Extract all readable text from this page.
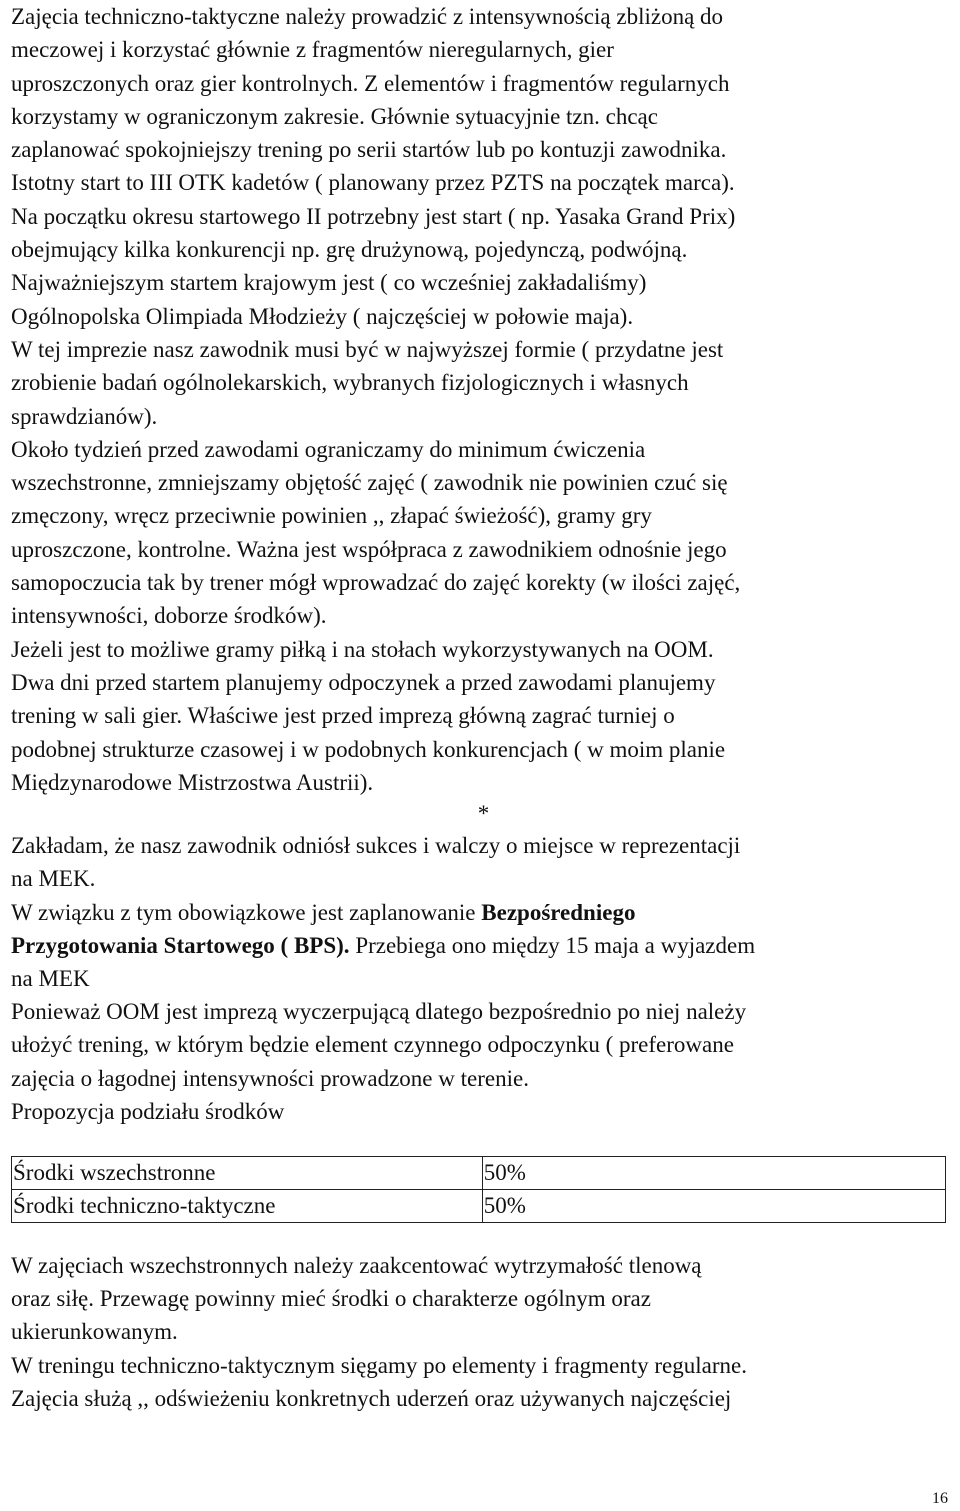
Zajęcia techniczno-taktyczne należy prowadzić z intensywnością zbliżoną do
meczowej i korzystać głównie z fragmentów nieregularnych, gier
uproszczonych oraz gier kontrolnych. Z elementów i fragmentów regularnych
korzystamy w ograniczonym zakresie. Głównie sytuacyjnie tzn. chcąc
zaplanować spokojniejszy trening po serii startów lub po kontuzji zawodnika.
Istotny start to III OTK kadetów ( planowany przez PZTS na początek marca).
Na początku okresu startowego II potrzebny jest start ( np. Yasaka Grand Prix)
obejmujący kilka konkurencji np. grę drużynową, pojedynczą, podwójną.
Najważniejszym startem krajowym jest ( co wcześniej zakładaliśmy)
Ogólnopolska Olimpiada Młodzieży ( najczęściej w połowie maja).
W tej imprezie nasz zawodnik musi być w najwyższej formie ( przydatne jest
zrobienie badań ogólnolekarskich, wybranych fizjologicznych i własnych
sprawdzianów).
Około tydzień przed zawodami ograniczamy do minimum ćwiczenia
wszechstronne, zmniejszamy objętość zajęć ( zawodnik nie powinien czuć się
zmęczony, wręcz przeciwnie powinien ,, złapać świeżość), gramy gry
uproszczone, kontrolne. Ważna jest współpraca z zawodnikiem odnośnie jego
samopoczucia tak by trener mógł wprowadzać do zajęć korekty (w ilości zajęć,
intensywności, doborze środków).
Jeżeli jest to możliwe gramy piłką i na stołach wykorzystywanych na OOM.
Dwa dni przed startem planujemy odpoczynek a przed zawodami planujemy
trening w sali gier. Właściwe jest przed imprezą główną zagrać turniej o
podobnej strukturze czasowej i w podobnych konkurencjach ( w moim planie
Międzynarodowe Mistrzostwa Austrii).
*
Zakładam, że nasz zawodnik odniósł sukces i walczy o miejsce w reprezentacji
na MEK.
W związku z tym obowiązkowe jest zaplanowanie Bezpośredniego
Przygotowania Startowego ( BPS). Przebiega ono między 15 maja a wyjazdem
na MEK
Ponieważ OOM jest imprezą wyczerpującą dlatego bezpośrednio po niej należy
ułożyć trening, w którym będzie element czynnego odpoczynku ( preferowane
zajęcia o łagodnej intensywności prowadzone w terenie.
Propozycja podziału środków
Środki wszechstronne	50%
Środki techniczno-taktyczne	50%
W zajęciach wszechstronnych należy zaakcentować wytrzymałość tlenową
oraz siłę. Przewagę powinny mieć środki o charakterze ogólnym oraz
ukierunkowanym.
W treningu techniczno-taktycznym sięgamy po elementy i fragmenty regularne.
Zajęcia służą ,, odświeżeniu konkretnych uderzeń oraz używanych najczęściej
16
